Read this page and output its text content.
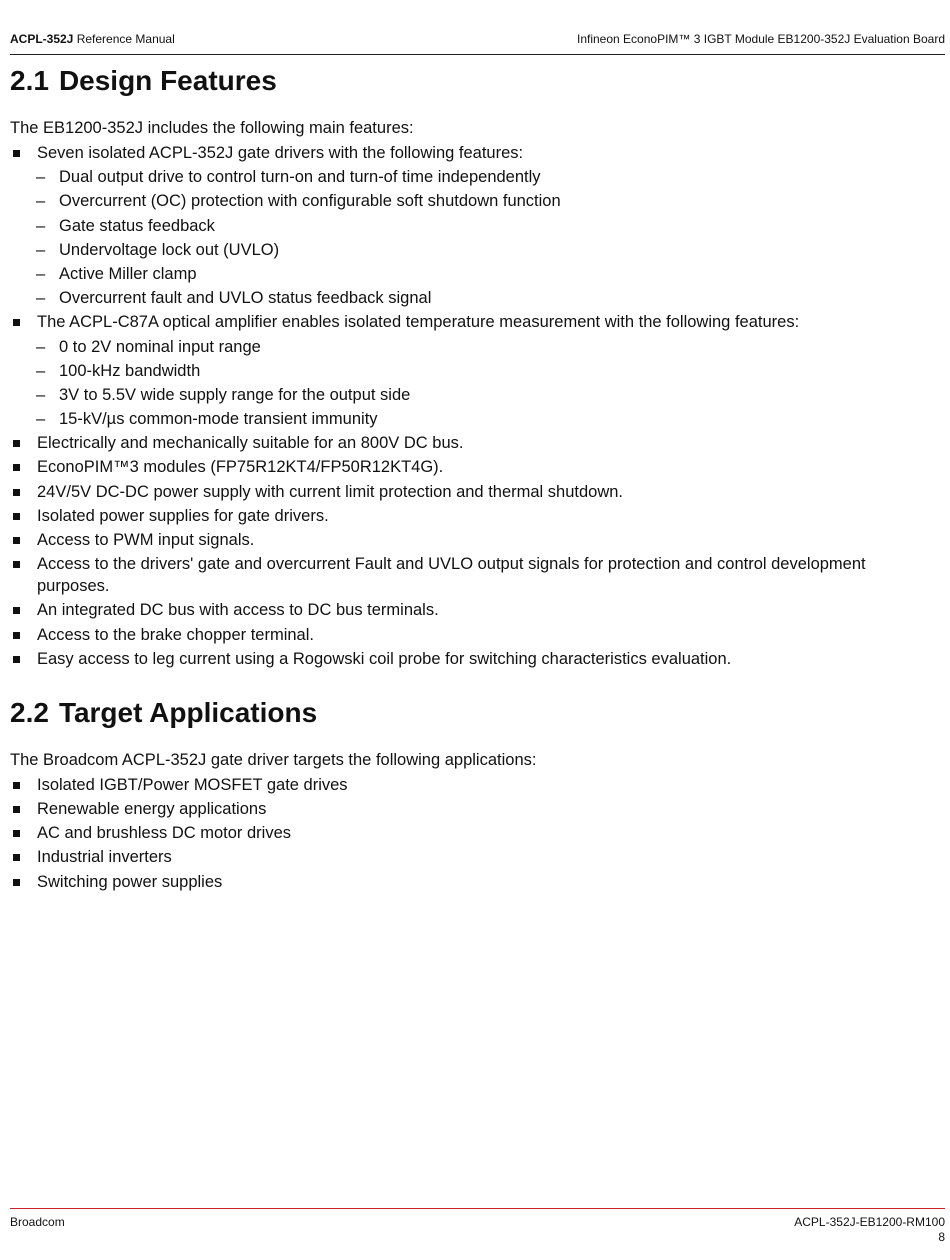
ACPL-352J Reference Manual	Infineon EconoPIM™ 3 IGBT Module EB1200-352J Evaluation Board
2.1 Design Features
The EB1200-352J includes the following main features:
Seven isolated ACPL-352J gate drivers with the following features:
– Dual output drive to control turn-on and turn-of time independently
– Overcurrent (OC) protection with configurable soft shutdown function
– Gate status feedback
– Undervoltage lock out (UVLO)
– Active Miller clamp
– Overcurrent fault and UVLO status feedback signal
The ACPL-C87A optical amplifier enables isolated temperature measurement with the following features:
– 0 to 2V nominal input range
– 100-kHz bandwidth
– 3V to 5.5V wide supply range for the output side
– 15-kV/µs common-mode transient immunity
Electrically and mechanically suitable for an 800V DC bus.
EconoPIM™3 modules (FP75R12KT4/FP50R12KT4G).
24V/5V DC-DC power supply with current limit protection and thermal shutdown.
Isolated power supplies for gate drivers.
Access to PWM input signals.
Access to the drivers' gate and overcurrent Fault and UVLO output signals for protection and control development purposes.
An integrated DC bus with access to DC bus terminals.
Access to the brake chopper terminal.
Easy access to leg current using a Rogowski coil probe for switching characteristics evaluation.
2.2 Target Applications
The Broadcom ACPL-352J gate driver targets the following applications:
Isolated IGBT/Power MOSFET gate drives
Renewable energy applications
AC and brushless DC motor drives
Industrial inverters
Switching power supplies
Broadcom	ACPL-352J-EB1200-RM100
8
